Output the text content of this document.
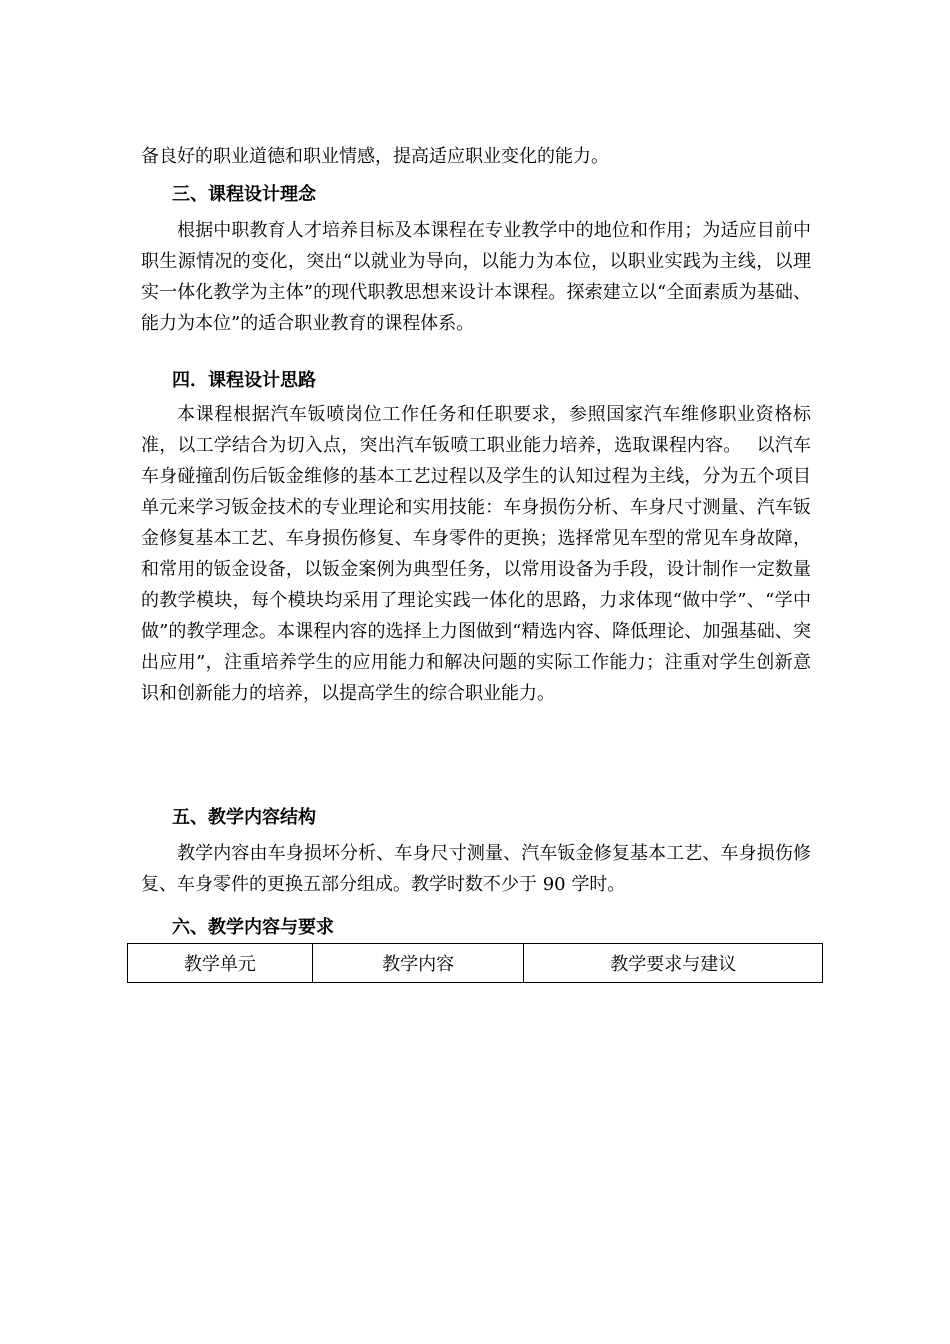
备良好的职业道德和职业情感，提高适应职业变化的能力。

三、课程设计理念

根据中职教育人才培养目标及本课程在专业教学中的地位和作用；为适应目前中职生源情况的变化，突出“以就业为导向，以能力为本位，以职业实践为主线，以理实一体化教学为主体”的现代职教思想来设计本课程。探索建立以“全面素质为基础、能力为本位”的适合职业教育的课程体系。

四．课程设计思路

本课程根据汽车钣喷岗位工作任务和任职要求，参照国家汽车维修职业资格标准，以工学结合为切入点，突出汽车钣喷工职业能力培养，选取课程内容。　 以汽车车身碰撞刮伤后钣金维修的基本工艺过程以及学生的认知过程为主线，分为五个项目单元来学习钣金技术的专业理论和实用技能：车身损伤分析、车身尺寸测量、汽车钣金修复基本工艺、车身损伤修复、车身零件的更换；选择常见车型的常见车身故障，和常用的钣金设备，以钣金案例为典型任务，以常用设备为手段，设计制作一定数量的教学模块，每个模块均采用了理论实践一体化的思路，力求体现“做中学”、“学中做”的教学理念。本课程内容的选择上力图做到“精选内容、降低理论、加强基础、突出应用”，注重培养学生的应用能力和解决问题的实际工作能力；注重对学生创新意识和创新能力的培养，以提高学生的综合职业能力。

五、教学内容结构

教学内容由车身损坏分析、车身尺寸测量、汽车钣金修复基本工艺、车身损伤修复、车身零件的更换五部分组成。教学时数不少于 90 学时。

六、教学内容与要求

教学单元	教学内容	教学要求与建议
